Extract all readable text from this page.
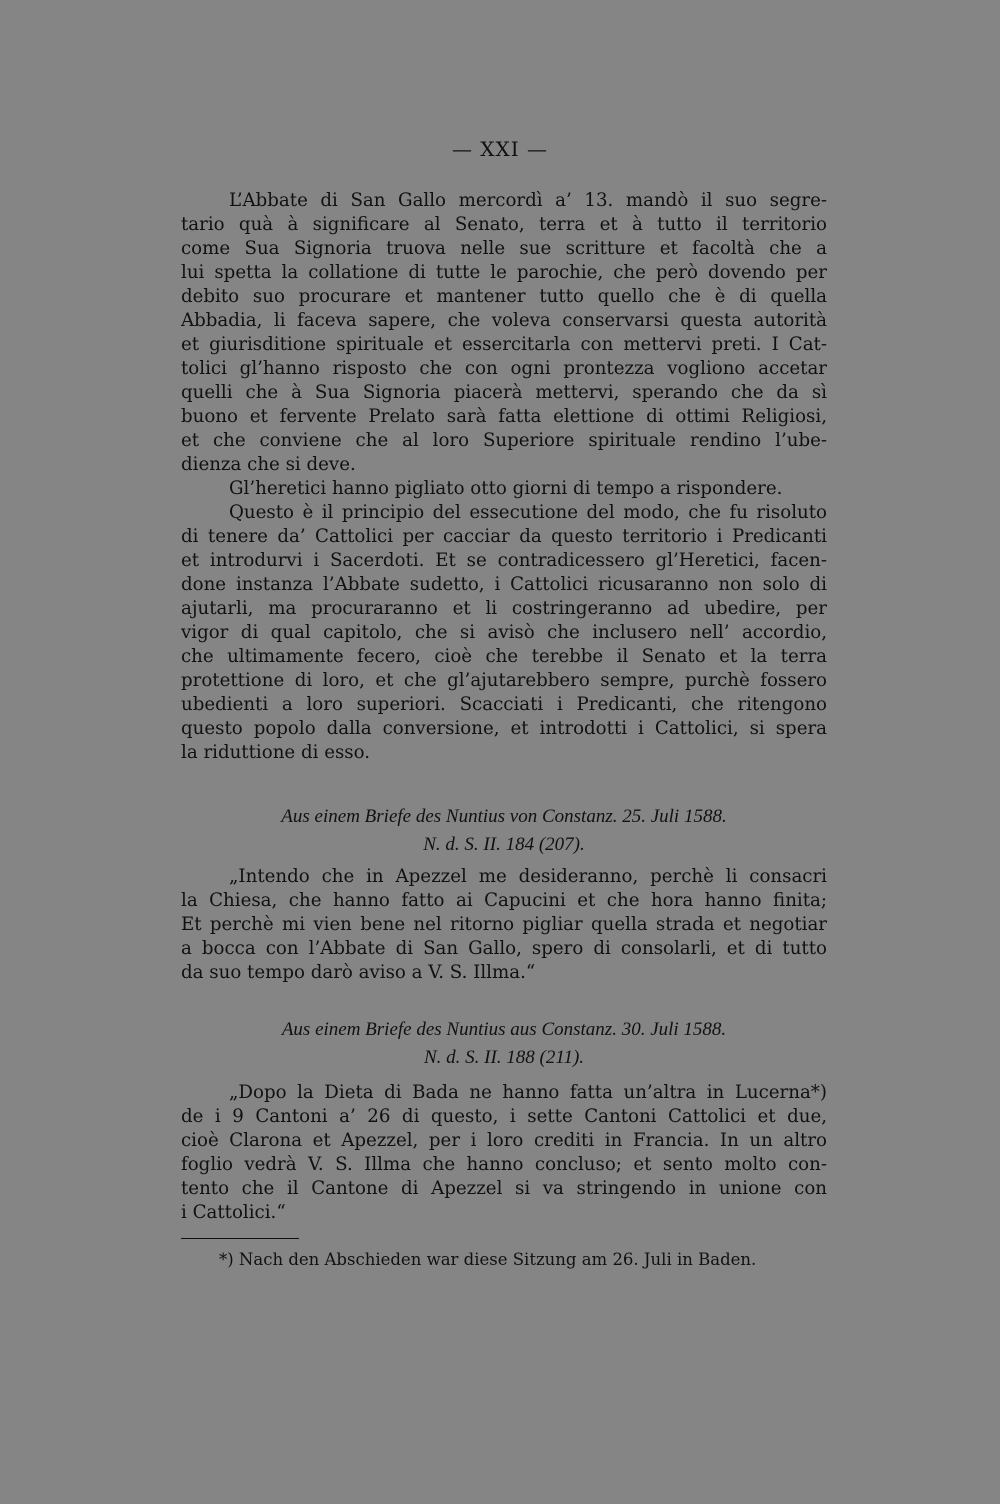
— XXI —
L’Abbate di San Gallo mercordì a’ 13. mandò il suo segre-
tario quà à significare al Senato, terra et à tutto il territorio
come Sua Signoria truova nelle sue scritture et facoltà che a
lui spetta la collatione di tutte le parochie, che però dovendo per
debito suo procurare et mantener tutto quello che è di quella
Abbadia, li faceva sapere, che voleva conservarsi questa autorità
et giurisditione spirituale et essercitarla con mettervi preti. I Cat-
tolici gl’hanno risposto che con ogni prontezza vogliono accetar
quelli che à Sua Signoria piacerà mettervi, sperando che da sì
buono et fervente Prelato sarà fatta elettione di ottimi Religiosi,
et che conviene che al loro Superiore spirituale rendino l’ube-
dienza che si deve.
Gl’heretici hanno pigliato otto giorni di tempo a rispondere.
Questo è il principio del essecutione del modo, che fu risoluto
di tenere da’ Cattolici per cacciar da questo territorio i Predicanti
et introdurvi i Sacerdoti. Et se contradicessero gl’Heretici, facen-
done instanza l’Abbate sudetto, i Cattolici ricusaranno non solo di
ajutarli, ma procuraranno et li costringeranno ad ubedire, per
vigor di qual capitolo, che si avisò che inclusero nell’ accordio,
che ultimamente fecero, cioè che terebbe il Senato et la terra
protettione di loro, et che gl’ajutarebbero sempre, purchè fossero
ubedienti a loro superiori. Scacciati i Predicanti, che ritengono
questo popolo dalla conversione, et introdotti i Cattolici, si spera
la riduttione di esso.
Aus einem Briefe des Nuntius von Constanz. 25. Juli 1588.
N. d. S. II. 184 (207).
„Intendo che in Apezzel me desideranno, perchè li consacri
la Chiesa, che hanno fatto ai Capucini et che hora hanno finita;
Et perchè mi vien bene nel ritorno pigliar quella strada et negotiar
a bocca con l’Abbate di San Gallo, spero di consolarli, et di tutto
da suo tempo darò aviso a V. S. Illma.“
Aus einem Briefe des Nuntius aus Constanz. 30. Juli 1588.
N. d. S. II. 188 (211).
„Dopo la Dieta di Bada ne hanno fatta un’altra in Lucerna*)
de i 9 Cantoni a’ 26 di questo, i sette Cantoni Cattolici et due,
cioè Clarona et Apezzel, per i loro crediti in Francia. In un altro
foglio vedrà V. S. Illma che hanno concluso; et sento molto con-
tento che il Cantone di Apezzel si va stringendo in unione con
i Cattolici.“
*) Nach den Abschieden war diese Sitzung am 26. Juli in Baden.
